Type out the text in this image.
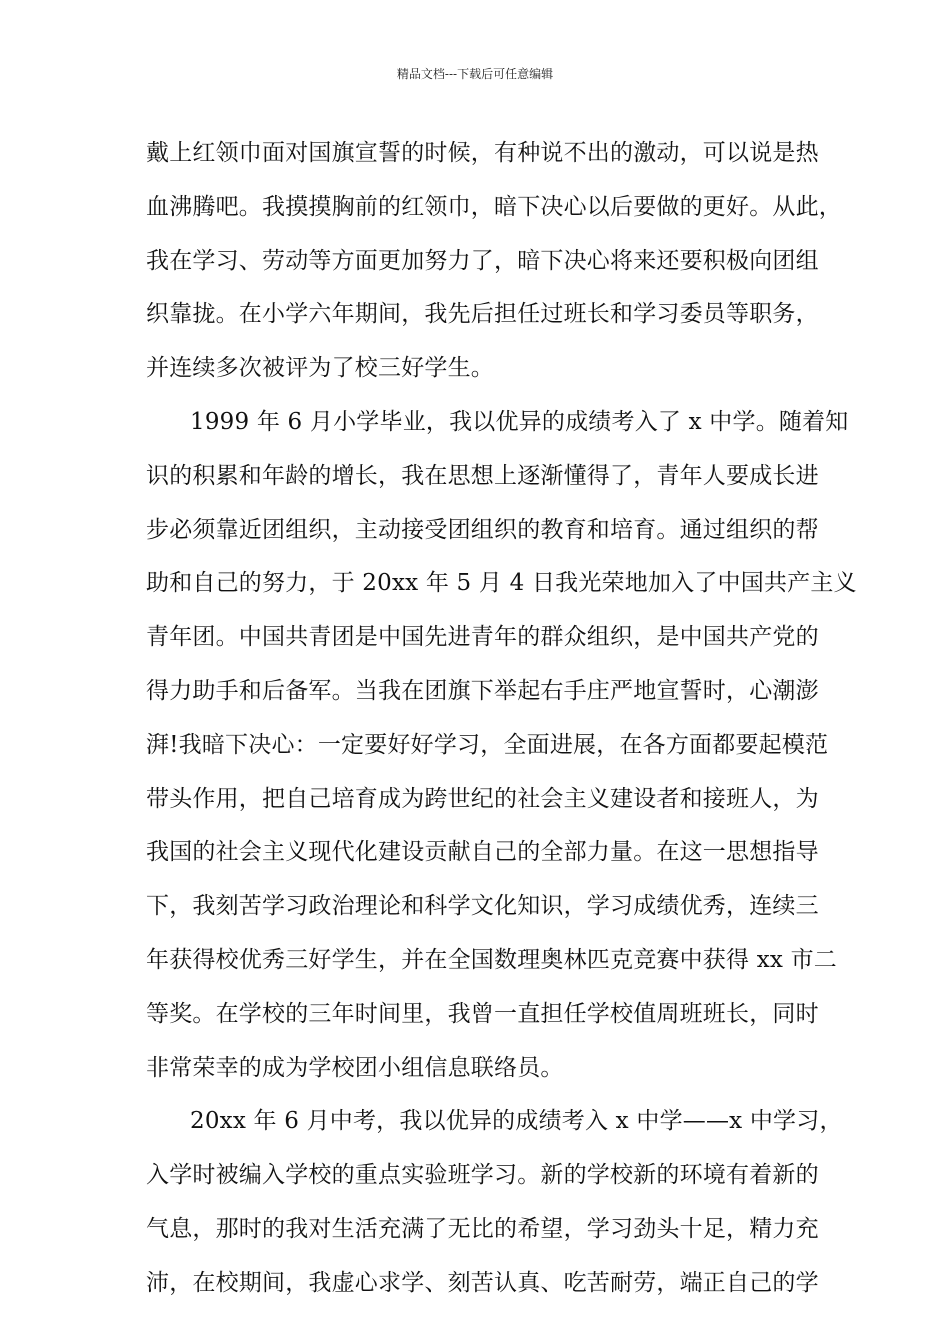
精品文档---下载后可任意编辑
戴上红领巾面对国旗宣誓的时候，有种说不出的激动，可以说是热
血沸腾吧。我摸摸胸前的红领巾，暗下决心以后要做的更好。从此，
我在学习、劳动等方面更加努力了，暗下决心将来还要积极向团组
织靠拢。在小学六年期间，我先后担任过班长和学习委员等职务，
并连续多次被评为了校三好学生。
1999 年 6 月小学毕业，我以优异的成绩考入了 x 中学。随着知
识的积累和年龄的增长，我在思想上逐渐懂得了，青年人要成长进
步必须靠近团组织，主动接受团组织的教育和培育。通过组织的帮
助和自己的努力，于 20xx 年 5 月 4 日我光荣地加入了中国共产主义
青年团。中国共青团是中国先进青年的群众组织，是中国共产党的
得力助手和后备军。当我在团旗下举起右手庄严地宣誓时，心潮澎
湃!我暗下决心：一定要好好学习，全面进展，在各方面都要起模范
带头作用，把自己培育成为跨世纪的社会主义建设者和接班人，为
我国的社会主义现代化建设贡献自己的全部力量。在这一思想指导
下，我刻苦学习政治理论和科学文化知识，学习成绩优秀，连续三
年获得校优秀三好学生，并在全国数理奥林匹克竞赛中获得 xx 市二
等奖。在学校的三年时间里，我曾一直担任学校值周班班长，同时
非常荣幸的成为学校团小组信息联络员。
20xx 年 6 月中考，我以优异的成绩考入 x 中学——x 中学习，
入学时被编入学校的重点实验班学习。新的学校新的环境有着新的
气息，那时的我对生活充满了无比的希望，学习劲头十足，精力充
沛，在校期间，我虚心求学、刻苦认真、吃苦耐劳，端正自己的学
